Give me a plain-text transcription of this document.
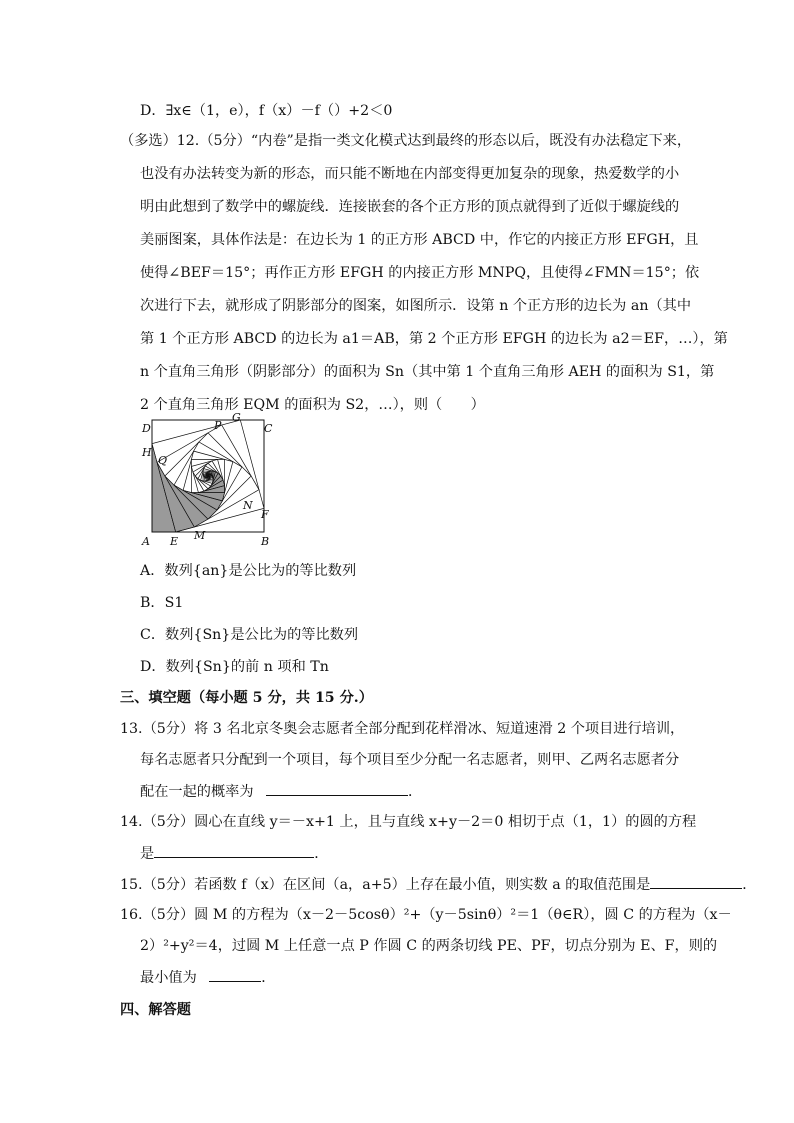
D．∃x∈（1，e），f（x）－f（）+2＜0
（多选）12.（5分）“内卷”是指一类文化模式达到最终的形态以后，既没有办法稳定下来，
也没有办法转变为新的形态，而只能不断地在内部变得更加复杂的现象，热爱数学的小
明由此想到了数学中的螺旋线．连接嵌套的各个正方形的顶点就得到了近似于螺旋线的
美丽图案，具体作法是：在边长为 1 的正方形 ABCD 中，作它的内接正方形 EFGH，且
使得∠BEF＝15°；再作正方形 EFGH 的内接正方形 MNPQ，且使得∠FMN＝15°；依
次进行下去，就形成了阴影部分的图案，如图所示．设第 n 个正方形的边长为 an（其中
第 1 个正方形 ABCD 的边长为 a1＝AB，第 2 个正方形 EFGH 的边长为 a2＝EF，…），第
n 个直角三角形（阴影部分）的面积为 Sn（其中第 1 个直角三角形 AEH 的面积为 S1，第
2 个直角三角形 EQM 的面积为 S2，…），则（　　）
D	C
G
P
H
Q
N
F
A E M	B
A．数列{an}是公比为的等比数列
B．S1
C．数列{Sn}是公比为的等比数列
D．数列{Sn}的前 n 项和 Tn
三、填空题（每小题 5 分，共 15 分.）
13.（5分）将 3 名北京冬奥会志愿者全部分配到花样滑冰、短道速滑 2 个项目进行培训，
每名志愿者只分配到一个项目，每个项目至少分配一名志愿者，则甲、乙两名志愿者分
配在一起的概率为	．
14.（5分）圆心在直线 y＝－x+1 上，且与直线 x+y－2＝0 相切于点（1，1）的圆的方程
是	．
15.（5分）若函数 f（x）在区间（a，a+5）上存在最小值，则实数 a 的取值范围是	．
16.（5分）圆 M 的方程为（x－2－5cosθ）²+（y－5sinθ）²＝1（θ∈R），圆 C 的方程为（x－
2）²+y²＝4，过圆 M 上任意一点 P 作圆 C 的两条切线 PE、PF，切点分别为 E、F，则的
最小值为	．
四、解答题
